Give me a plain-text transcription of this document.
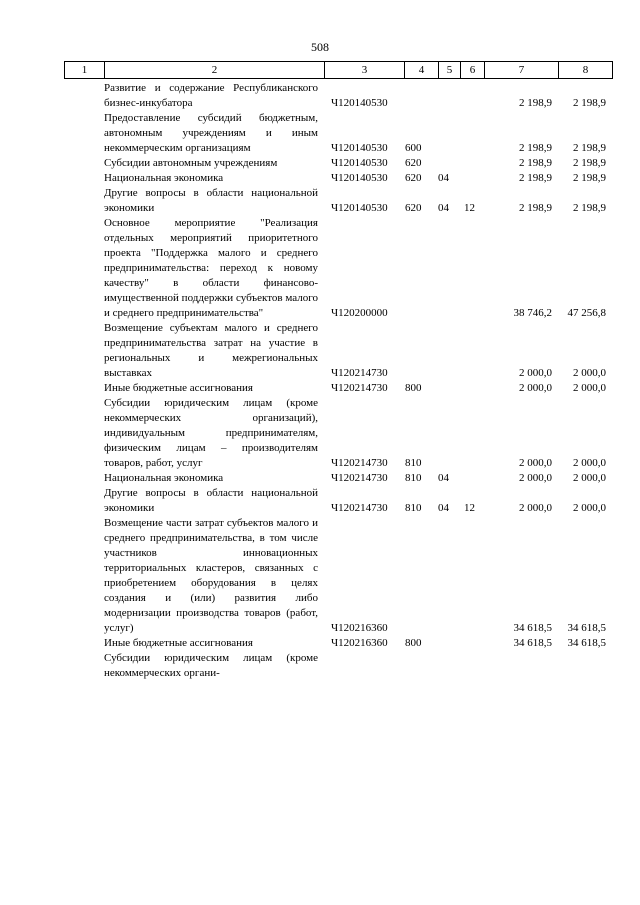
508
1	2	3	4	5	6	7	8
Развитие и содержание Республиканского бизнес-инкубатора	Ч120140530				2 198,9	2 198,9
Предоставление субсидий бюджетным, автономным учреждениям и иным некоммерческим организациям	Ч120140530	600			2 198,9	2 198,9
Субсидии автономным учреждениям	Ч120140530	620			2 198,9	2 198,9
Национальная экономика	Ч120140530	620	04		2 198,9	2 198,9
Другие вопросы в области национальной экономики	Ч120140530	620	04	12	2 198,9	2 198,9
Основное мероприятие "Реализация отдельных мероприятий приоритетного проекта "Поддержка малого и среднего предпринимательства: переход к новому качеству" в области финансово-имущественной поддержки субъектов малого и среднего предпринимательства"	Ч120200000				38 746,2	47 256,8
Возмещение субъектам малого и среднего предпринимательства затрат на участие в региональных и межрегиональных выставках	Ч120214730				2 000,0	2 000,0
Иные бюджетные ассигнования	Ч120214730	800			2 000,0	2 000,0
Субсидии юридическим лицам (кроме некоммерческих организаций), индивидуальным предпринимателям, физическим лицам – производителям товаров, работ, услуг	Ч120214730	810			2 000,0	2 000,0
Национальная экономика	Ч120214730	810	04		2 000,0	2 000,0
Другие вопросы в области национальной экономики	Ч120214730	810	04	12	2 000,0	2 000,0
Возмещение части затрат субъектов малого и среднего предпринимательства, в том числе участников инновационных территориальных кластеров, связанных с приобретением оборудования в целях создания и (или) развития либо модернизации производства товаров (работ, услуг)	Ч120216360				34 618,5	34 618,5
Иные бюджетные ассигнования	Ч120216360	800			34 618,5	34 618,5
Субсидии юридическим лицам (кроме некоммерческих органи-						
